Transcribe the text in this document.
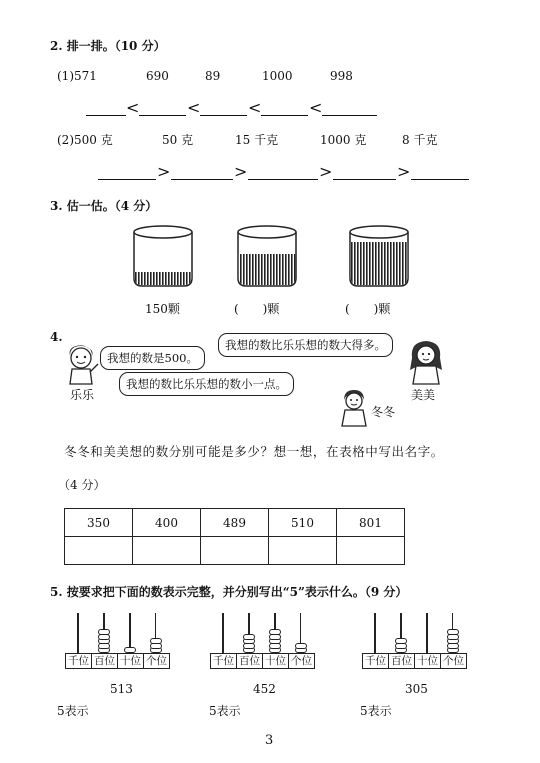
2. 排一排。（10 分）
(1)571	690	89	1000	998
<	<	<	<
(2)500 克	50 克	15 千克	1000 克	8 千克
>	>	>	>
3. 估一估。（4 分）
150颗	(　　)颗	(　　)颗
4.
我想的数是500。
乐乐
我想的数比乐乐想的数大得多。
美美
我想的数比乐乐想的数小一点。
冬冬
冬冬和美美想的数分别可能是多少？想一想，在表格中写出名字。
（4 分）
350	400	489	510	801

5. 按要求把下面的数表示完整，并分别写出“5”表示什么。（9 分）
千位 百位 十位 个位	千位 百位 十位 个位	千位 百位 十位 个位
513	452	305
5表示	5表示	5表示
3
